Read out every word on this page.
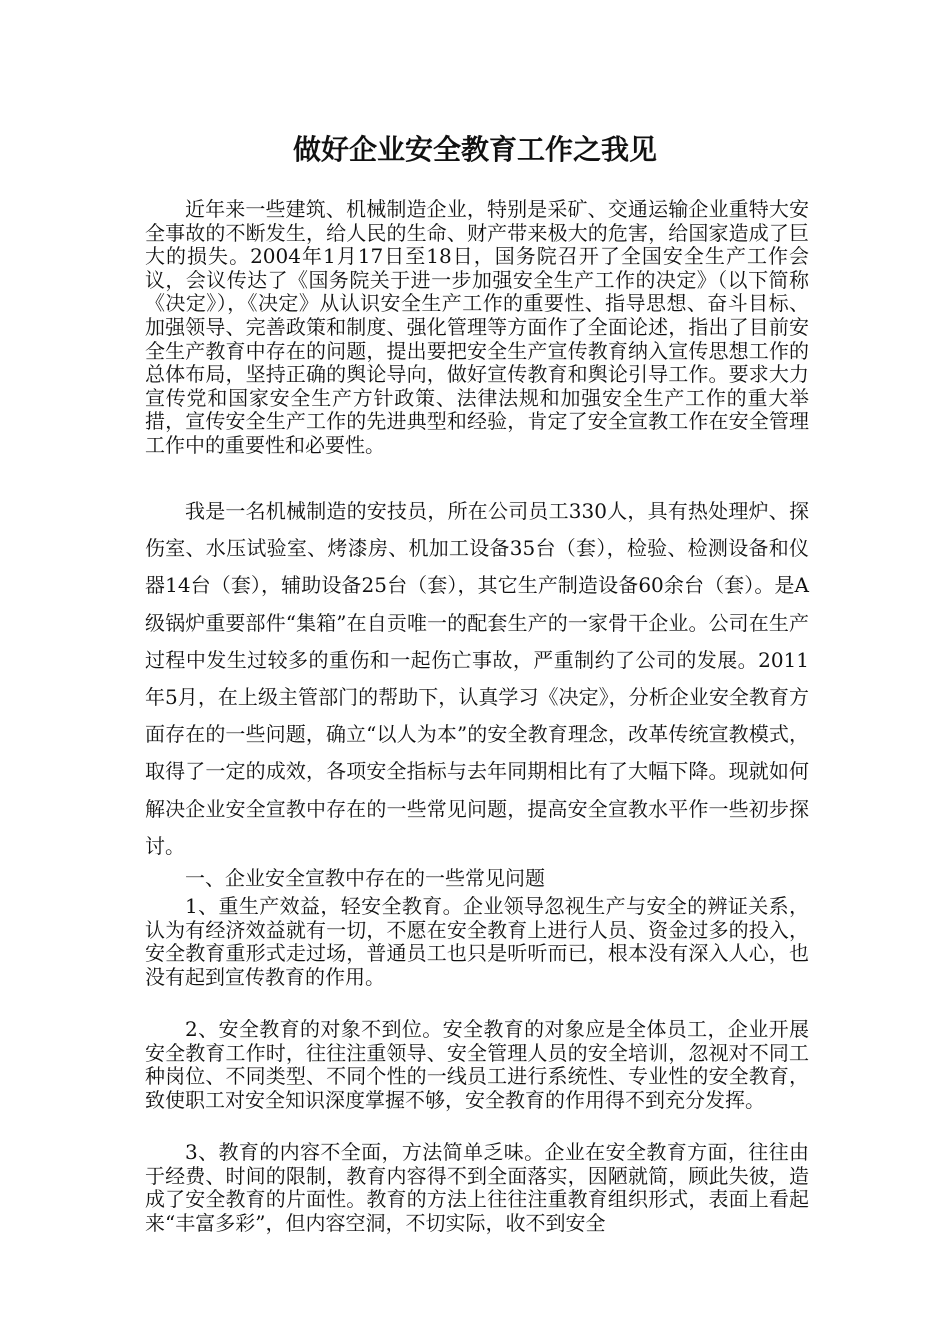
做好企业安全教育工作之我见

近年来一些建筑、机械制造企业，特别是采矿、交通运输企业重特大安全事故的不断发生，给人民的生命、财产带来极大的危害，给国家造成了巨大的损失。2004年1月17日至18日，国务院召开了全国安全生产工作会议，会议传达了《国务院关于进一步加强安全生产工作的决定》（以下简称《决定》），《决定》从认识安全生产工作的重要性、指导思想、奋斗目标、加强领导、完善政策和制度、强化管理等方面作了全面论述，指出了目前安全生产教育中存在的问题，提出要把安全生产宣传教育纳入宣传思想工作的总体布局，坚持正确的舆论导向，做好宣传教育和舆论引导工作。要求大力宣传党和国家安全生产方针政策、法律法规和加强安全生产工作的重大举措，宣传安全生产工作的先进典型和经验，肯定了安全宣教工作在安全管理工作中的重要性和必要性。

我是一名机械制造的安技员，所在公司员工330人，具有热处理炉、探伤室、水压试验室、烤漆房、机加工设备35台（套），检验、检测设备和仪器14台（套），辅助设备25台（套），其它生产制造设备60余台（套）。是A级锅炉重要部件“集箱”在自贡唯一的配套生产的一家骨干企业。公司在生产过程中发生过较多的重伤和一起伤亡事故，严重制约了公司的发展。2011年5月，在上级主管部门的帮助下，认真学习《决定》，分析企业安全教育方面存在的一些问题，确立“以人为本”的安全教育理念，改革传统宣教模式，取得了一定的成效，各项安全指标与去年同期相比有了大幅下降。现就如何解决企业安全宣教中存在的一些常见问题，提高安全宣教水平作一些初步探讨。

一、企业安全宣教中存在的一些常见问题

1、重生产效益，轻安全教育。企业领导忽视生产与安全的辨证关系，认为有经济效益就有一切，不愿在安全教育上进行人员、资金过多的投入，安全教育重形式走过场，普通员工也只是听听而已，根本没有深入人心，也没有起到宣传教育的作用。

2、安全教育的对象不到位。安全教育的对象应是全体员工，企业开展安全教育工作时，往往注重领导、安全管理人员的安全培训，忽视对不同工种岗位、不同类型、不同个性的一线员工进行系统性、专业性的安全教育，致使职工对安全知识深度掌握不够，安全教育的作用得不到充分发挥。

3、教育的内容不全面，方法简单乏味。企业在安全教育方面，往往由于经费、时间的限制，教育内容得不到全面落实，因陋就简，顾此失彼，造成了安全教育的片面性。教育的方法上往往注重教育组织形式，表面上看起来“丰富多彩”，但内容空洞，不切实际，收不到安全
